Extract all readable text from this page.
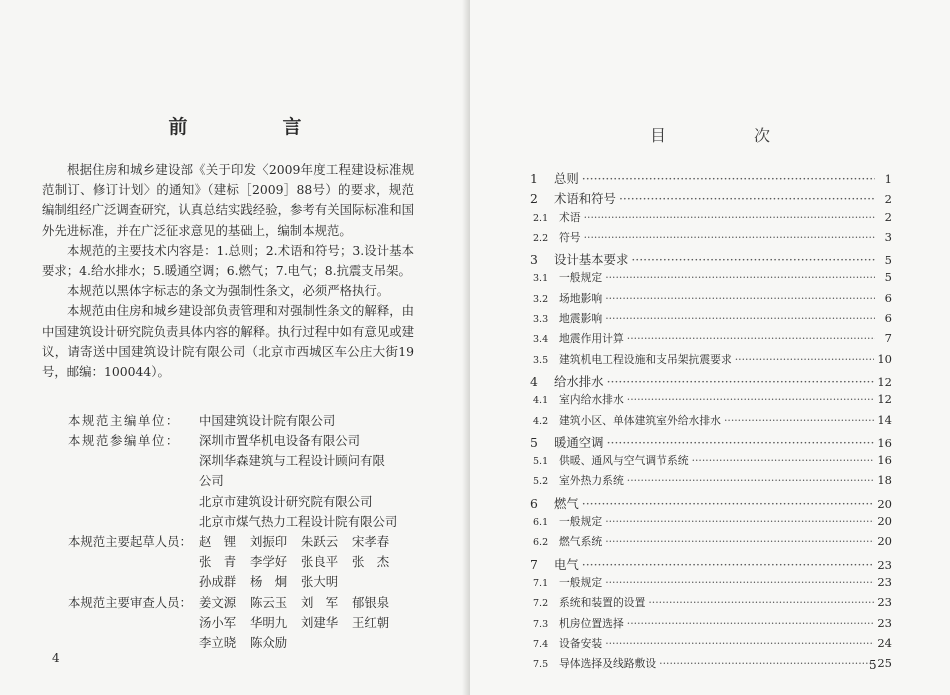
前　言

根据住房和城乡建设部《关于印发〈2009年度工程建设标准规范制订、修订计划〉的通知》（建标［2009］88号）的要求，规范编制组经广泛调查研究，认真总结实践经验，参考有关国际标准和国外先进标准，并在广泛征求意见的基础上，编制本规范。

本规范的主要技术内容是：1.总则；2.术语和符号；3.设计基本要求；4.给水排水；5.暖通空调；6.燃气；7.电气；8.抗震支吊架。

本规范以黑体字标志的条文为强制性条文，必须严格执行。

本规范由住房和城乡建设部负责管理和对强制性条文的解释，由中国建筑设计研究院负责具体内容的解释。执行过程中如有意见或建议，请寄送中国建筑设计院有限公司（北京市西城区车公庄大街19号，邮编：100044）。

本规范主编单位： 中国建筑设计院有限公司
本规范参编单位： 深圳市置华机电设备有限公司
深圳华森建筑与工程设计顾问有限
公司
北京市建筑设计研究院有限公司
北京市煤气热力工程设计院有限公司
本规范主要起草人员： 赵　锂	刘振印	朱跃云	宋孝春
张　青	李学好	张良平	张　杰
孙成群	杨　炯	张大明
本规范主要审查人员： 姜文源	陈云玉	刘　军	郁银泉
汤小军	华明九	刘建华	王红朝
李立晓	陈众励
4
目　次
1	总则 ·····	1
2	术语和符号 ·····	2
2.1	术语 ·····	2
2.2	符号 ·····	3
3	设计基本要求 ·····	5
3.1	一般规定 ·····	5
3.2	场地影响 ·····	6
3.3	地震影响 ·····	6
3.4	地震作用计算 ·····	7
3.5	建筑机电工程设施和支吊架抗震要求 ·····	10
4	给水排水 ·····	12
4.1	室内给水排水 ·····	12
4.2	建筑小区、单体建筑室外给水排水 ·····	14
5	暖通空调 ·····	16
5.1	供暖、通风与空气调节系统 ·····	16
5.2	室外热力系统 ·····	18
6	燃气 ·····	20
6.1	一般规定 ·····	20
6.2	燃气系统 ·····	20
7	电气 ·····	23
7.1	一般规定 ·····	23
7.2	系统和装置的设置 ·····	23
7.3	机房位置选择 ·····	23
7.4	设备安装 ·····	24
7.5	导体选择及线路敷设 ·····	25
5
